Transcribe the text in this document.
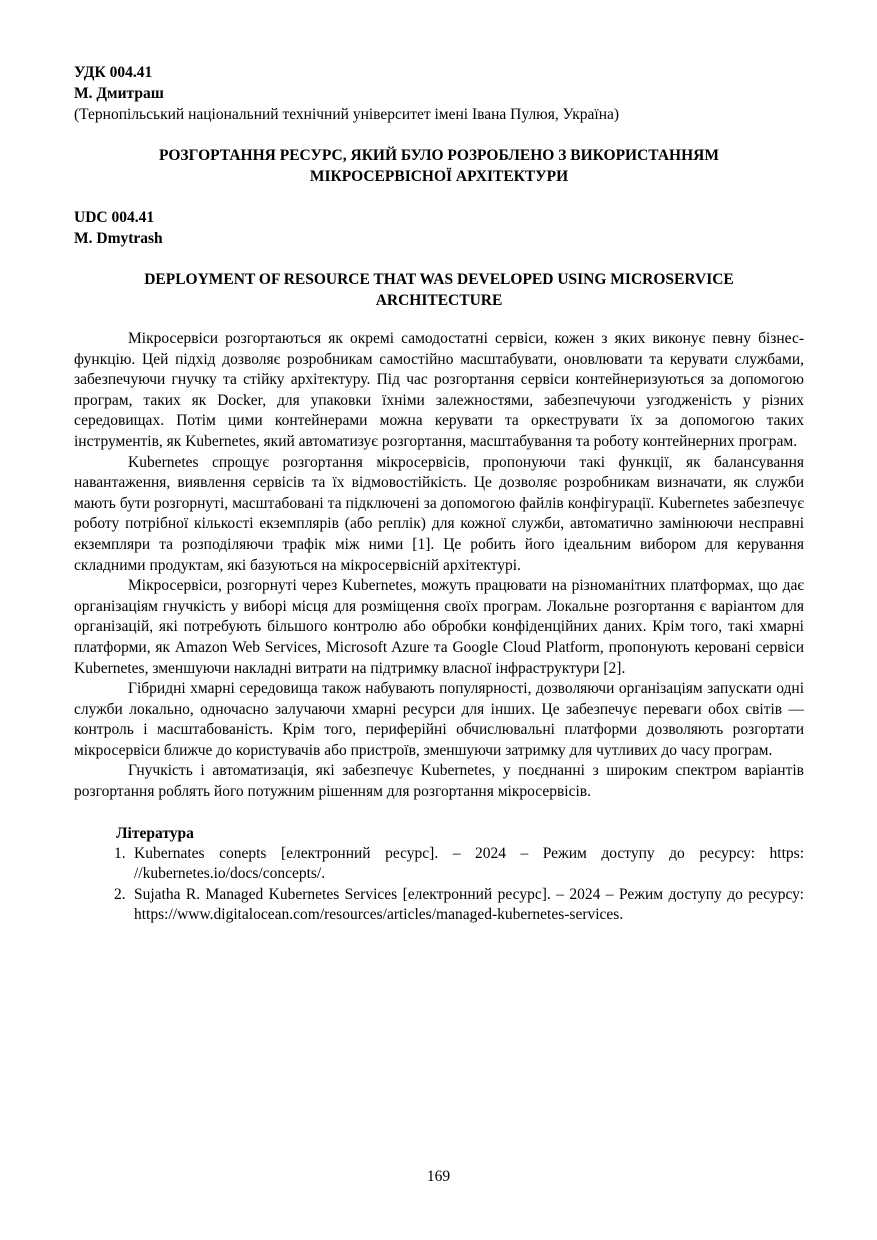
УДК 004.41

М. Дмитраш

(Тернопільський національний технічний університет імені Івана Пулюя, Україна)

РОЗГОРТАННЯ РЕСУРС, ЯКИЙ БУЛО РОЗРОБЛЕНО З ВИКОРИСТАННЯМ МІКРОСЕРВІСНОЇ АРХІТЕКТУРИ

UDC 004.41

M. Dmytrash

DEPLOYMENT OF RESOURCE THAT WAS DEVELOPED USING MICROSERVICE ARCHITECTURE

Мікросервіси розгортаються як окремі самодостатні сервіси, кожен з яких виконує певну бізнес-функцію. Цей підхід дозволяє розробникам самостійно масштабувати, оновлювати та керувати службами, забезпечуючи гнучку та стійку архітектуру. Під час розгортання сервіси контейнеризуються за допомогою програм, таких як Docker, для упаковки їхніми залежностями, забезпечуючи узгодженість у різних середовищах. Потім цими контейнерами можна керувати та оркеструвати їх за допомогою таких інструментів, як Kubernetes, який автоматизує розгортання, масштабування та роботу контейнерних програм.

Kubernetes спрощує розгортання мікросервісів, пропонуючи такі функції, як балансування навантаження, виявлення сервісів та їх відмовостійкість. Це дозволяє розробникам визначати, як служби мають бути розгорнуті, масштабовані та підключені за допомогою файлів конфігурації. Kubernetes забезпечує роботу потрібної кількості екземплярів (або реплік) для кожної служби, автоматично замінюючи несправні екземпляри та розподіляючи трафік між ними [1]. Це робить його ідеальним вибором для керування складними продуктам, які базуються на мікросервісній архітектурі.

Мікросервіси, розгорнуті через Kubernetes, можуть працювати на різноманітних платформах, що дає організаціям гнучкість у виборі місця для розміщення своїх програм. Локальне розгортання є варіантом для організацій, які потребують більшого контролю або обробки конфіденційних даних. Крім того, такі хмарні платформи, як Amazon Web Services, Microsoft Azure та Google Cloud Platform, пропонують керовані сервіси Kubernetes, зменшуючи накладні витрати на підтримку власної інфраструктури [2].

Гібридні хмарні середовища також набувають популярності, дозволяючи організаціям запускати одні служби локально, одночасно залучаючи хмарні ресурси для інших. Це забезпечує переваги обох світів — контроль і масштабованість. Крім того, периферійні обчислювальні платформи дозволяють розгортати мікросервіси ближче до користувачів або пристроїв, зменшуючи затримку для чутливих до часу програм.

Гнучкість і автоматизація, які забезпечує Kubernetes, у поєднанні з широким спектром варіантів розгортання роблять його потужним рішенням для розгортання мікросервісів.

Література

1. Kubernates conepts [електронний ресурс]. – 2024 – Режим доступу до ресурсу: https: //kubernetes.io/docs/concepts/.
2. Sujatha R. Managed Kubernetes Services [електронний ресурс]. – 2024 – Режим доступу до ресурсу: https://www.digitalocean.com/resources/articles/managed-kubernetes-services.
169
